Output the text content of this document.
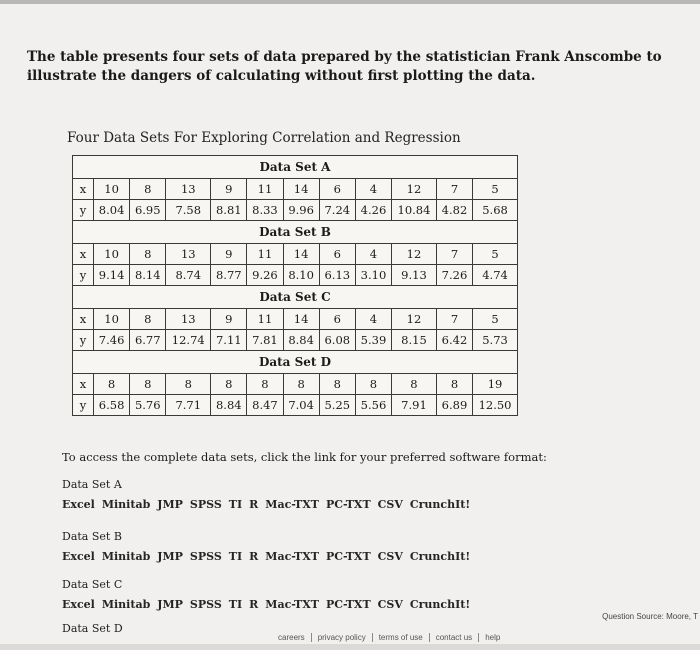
The table presents four sets of data prepared by the statistician Frank Anscombe to illustrate the dangers of calculating without first plotting the data.
Four Data Sets For Exploring Correlation and Regression
Data Set A											
x	10	8	13	9	11	14	6	4	12	7	5
y	8.04	6.95	7.58	8.81	8.33	9.96	7.24	4.26	10.84	4.82	5.68
Data Set B											
x	10	8	13	9	11	14	6	4	12	7	5
y	9.14	8.14	8.74	8.77	9.26	8.10	6.13	3.10	9.13	7.26	4.74
Data Set C											
x	10	8	13	9	11	14	6	4	12	7	5
y	7.46	6.77	12.74	7.11	7.81	8.84	6.08	5.39	8.15	6.42	5.73
Data Set D											
x	8	8	8	8	8	8	8	8	8	8	19
y	6.58	5.76	7.71	8.84	8.47	7.04	5.25	5.56	7.91	6.89	12.50
To access the complete data sets, click the link for your preferred software format:
Data Set A
Excel Minitab JMP SPSS TI R Mac-TXT PC-TXT CSV CrunchIt!
Data Set B
Excel Minitab JMP SPSS TI R Mac-TXT PC-TXT CSV CrunchIt!
Data Set C
Excel Minitab JMP SPSS TI R Mac-TXT PC-TXT CSV CrunchIt!
Data Set D
Question Source: Moore, T
careers privacy policy terms of use contact us help
